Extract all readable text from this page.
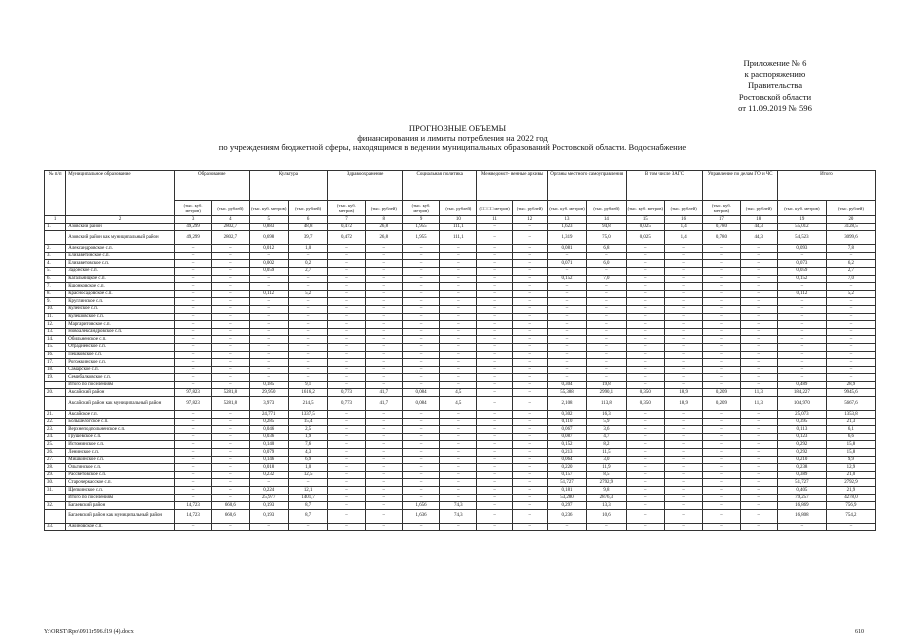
Приложение № 6
к распоряжению
Правительства
Ростовской области
от 11.09.2019 № 596
ПРОГНОЗНЫЕ ОБЪЕМЫ
финансирования и лимиты потребления на 2022 год
по учреждениям бюджетной сферы, находящимся в ведении муниципальных образований Ростовской области. Водоснабжение
№ п/п	Муниципальное образование	Образование		Культура		Здравоохранение		Социальная политика		Межведомст- венные архивы		Органы местного самоуправления		В том числе ЗАГС		Управление по делам ГО и ЧС		Итого	
		(тыс. куб. метров)	(тыс. рублей)	(тыс. куб. метров)	(тыс. рублей)	(тыс. куб. метров)	(тыс. рублей)	(тыс. куб. метров)	(тыс. рублей)	(□□ □□ метров)	(тыс. рублей)	(тыс. куб. метров)	(тыс. рублей)	(тыс. куб. метров)	(тыс. рублей)	(тыс. куб. метров)	(тыс. рублей)	(тыс. куб. метров)	(тыс. рублей)
1	2	3	4	5	6	7	8	9	10	11	12	13	14	15	16	17	18	19	20
1.	Азовский район	49,299	2802,7	0,883	48,8	0,472	26,8	1,955	111,1	–	–	1,623	94,8	0,025	1,4	0,780	44,3	55,012	3128,5
	Азовский район как муниципальный район	49,299	2802,7	0,698	39,7	0,472	26,8	1,955	111,1	–	–	1,319	75,0	0,025	1,4	0,780	44,3	54,523	3099,6
2.	Александровское с.п.	–	–	0,012	1,0	–	–	–	–	–	–	0,081	6,8	–	–	–	–	0,093	7,8
3.	Елизаветинское с.п.	–	–	–	–	–	–	–	–	–	–	–	–	–	–	–	–	–	–
4.	Елизаветовское с.п.	–	–	0,002	0,2	–	–	–	–	–	–	0,071	6,0	–	–	–	–	0,073	6,2
5.	Задонское с.п.	–	–	0,059	2,7	–	–	–	–	–	–	–	–	–	–	–	–	0,059	2,7
6.	Кагальницкое с.п.	–	–	–	–	–	–	–	–	–	–	0,152	7,0	–	–	–	–	0,152	7,0
7.	Кшонковское с.п.	–	–	–	–	–	–	–	–	–	–	–	–	–	–	–	–	–	–
8.	Красносадовское с.п.	–	–	0,112	5,2	–	–	–	–	–	–	–	–	–	–	–	–	0,112	5,2
9.	Круглинское с.п.	–	–	–	–	–	–	–	–	–	–	–	–	–	–	–	–	–	–
10.	Кулейское с.п.	–	–	–	–	–	–	–	–	–	–	–	–	–	–	–	–	–	–
11.	Кулешовское с.п.	–	–	–	–	–	–	–	–	–	–	–	–	–	–	–	–	–	–
12.	Маргаритовское с.п.	–	–	–	–	–	–	–	–	–	–	–	–	–	–	–	–	–	–
13.	Новоалександровское с.п.	–	–	–	–	–	–	–	–	–	–	–	–	–	–	–	–	–	–
14.	Обильненское с.п.	–	–	–	–	–	–	–	–	–	–	–	–	–	–	–	–	–	–
15.	Отрадненское с.п.	–	–	–	–	–	–	–	–	–	–	–	–	–	–	–	–	–	–
16.	Пешковское с.п.	–	–	–	–	–	–	–	–	–	–	–	–	–	–	–	–	–	–
17.	Рогожкинское с.п.	–	–	–	–	–	–	–	–	–	–	–	–	–	–	–	–	–	–
18.	Самарское с.п.	–	–	–	–	–	–	–	–	–	–	–	–	–	–	–	–	–	–
19.	Семибалковское с.п.	–	–	–	–	–	–	–	–	–	–	–	–	–	–	–	–	–	–
	Итого по поселениям	–	–	0,185	9,1	–	–	–	–	–	–	0,304	19,8	–	–	–	–	0,489	28,9
20.	Аксайский район	97,823	5281,8	29,950	1616,2	0,773	41,7	0,084	4,5	–	–	55,388	2990,1	0,350	18,9	0,209	11,3	184,227	9945,6
	Аксайский район как муниципальный район	97,823	5281,8	3,973	214,5	0,773	41,7	0,084	4,5	–	–	2,108	113,8	0,350	18,9	0,209	11,3	104,970	5667,6
21.	Аксайское г.п.	–	–	24,771	1337,5	–	–	–	–	–	–	0,302	16,3	–	–	–	–	25,073	1353,8
22.	Большелогское с.п.	–	–	0,285	15,4	–	–	–	–	–	–	0,110	5,9	–	–	–	–	0,395	21,3
23.	Верхнеподпольненское с.п.	–	–	0,046	2,5	–	–	–	–	–	–	0,067	3,6	–	–	–	–	0,113	6,1
24.	Грушевское с.п.	–	–	0,036	1,9	–	–	–	–	–	–	0,087	4,7	–	–	–	–	0,123	6,6
25.	Истоминское с.п.	–	–	0,140	7,6	–	–	–	–	–	–	0,152	8,2	–	–	–	–	0,292	15,8
26.	Ленинское с.п.	–	–	0,079	4,3	–	–	–	–	–	–	0,213	11,5	–	–	–	–	0,292	15,8
27.	Мишкинское с.п.	–	–	0,146	6,9	–	–	–	–	–	–	0,064	3,0	–	–	–	–	0,210	9,9
28.	Ольгинское с.п.	–	–	0,018	1,0	–	–	–	–	–	–	0,220	11,9	–	–	–	–	0,238	12,9
29.	Рассветовское с.п.	–	–	0,232	12,5	–	–	–	–	–	–	0,157	8,5	–	–	–	–	0,389	21,0
30.	Старочеркасское с.п.	–	–	–	–	–	–	–	–	–	–	51,727	2792,9	–	–	–	–	51,727	2792,9
31.	Щепкинское с.п.	–	–	0,224	12,1	–	–	–	–	–	–	0,181	9,8	–	–	–	–	0,405	21,9
	Итого по поселениям	–	–	25,977	1401,7	–	–	–	–	–	–	53,280	2876,3	–	–	–	–	79,257	4278,0
32.	Багаевский район	14,723	660,6	0,193	8,7	–	–	1,656	74,3	–	–	0,297	13,3	–	–	–	–	16,869	756,9
	Багаевский район как муниципальный район	14,723	660,6	0,193	8,7	–	–	1,636	74,3	–	–	0,236	10,6	–	–	–	–	16,808	754,2
33.	Ажиновское с.п.	–	–	–	–	–	–	–	–	–	–	–	–	–	–	–	–	–	–
Y:\ORST\Rpo\0911r596.f19 (4).docx	610
